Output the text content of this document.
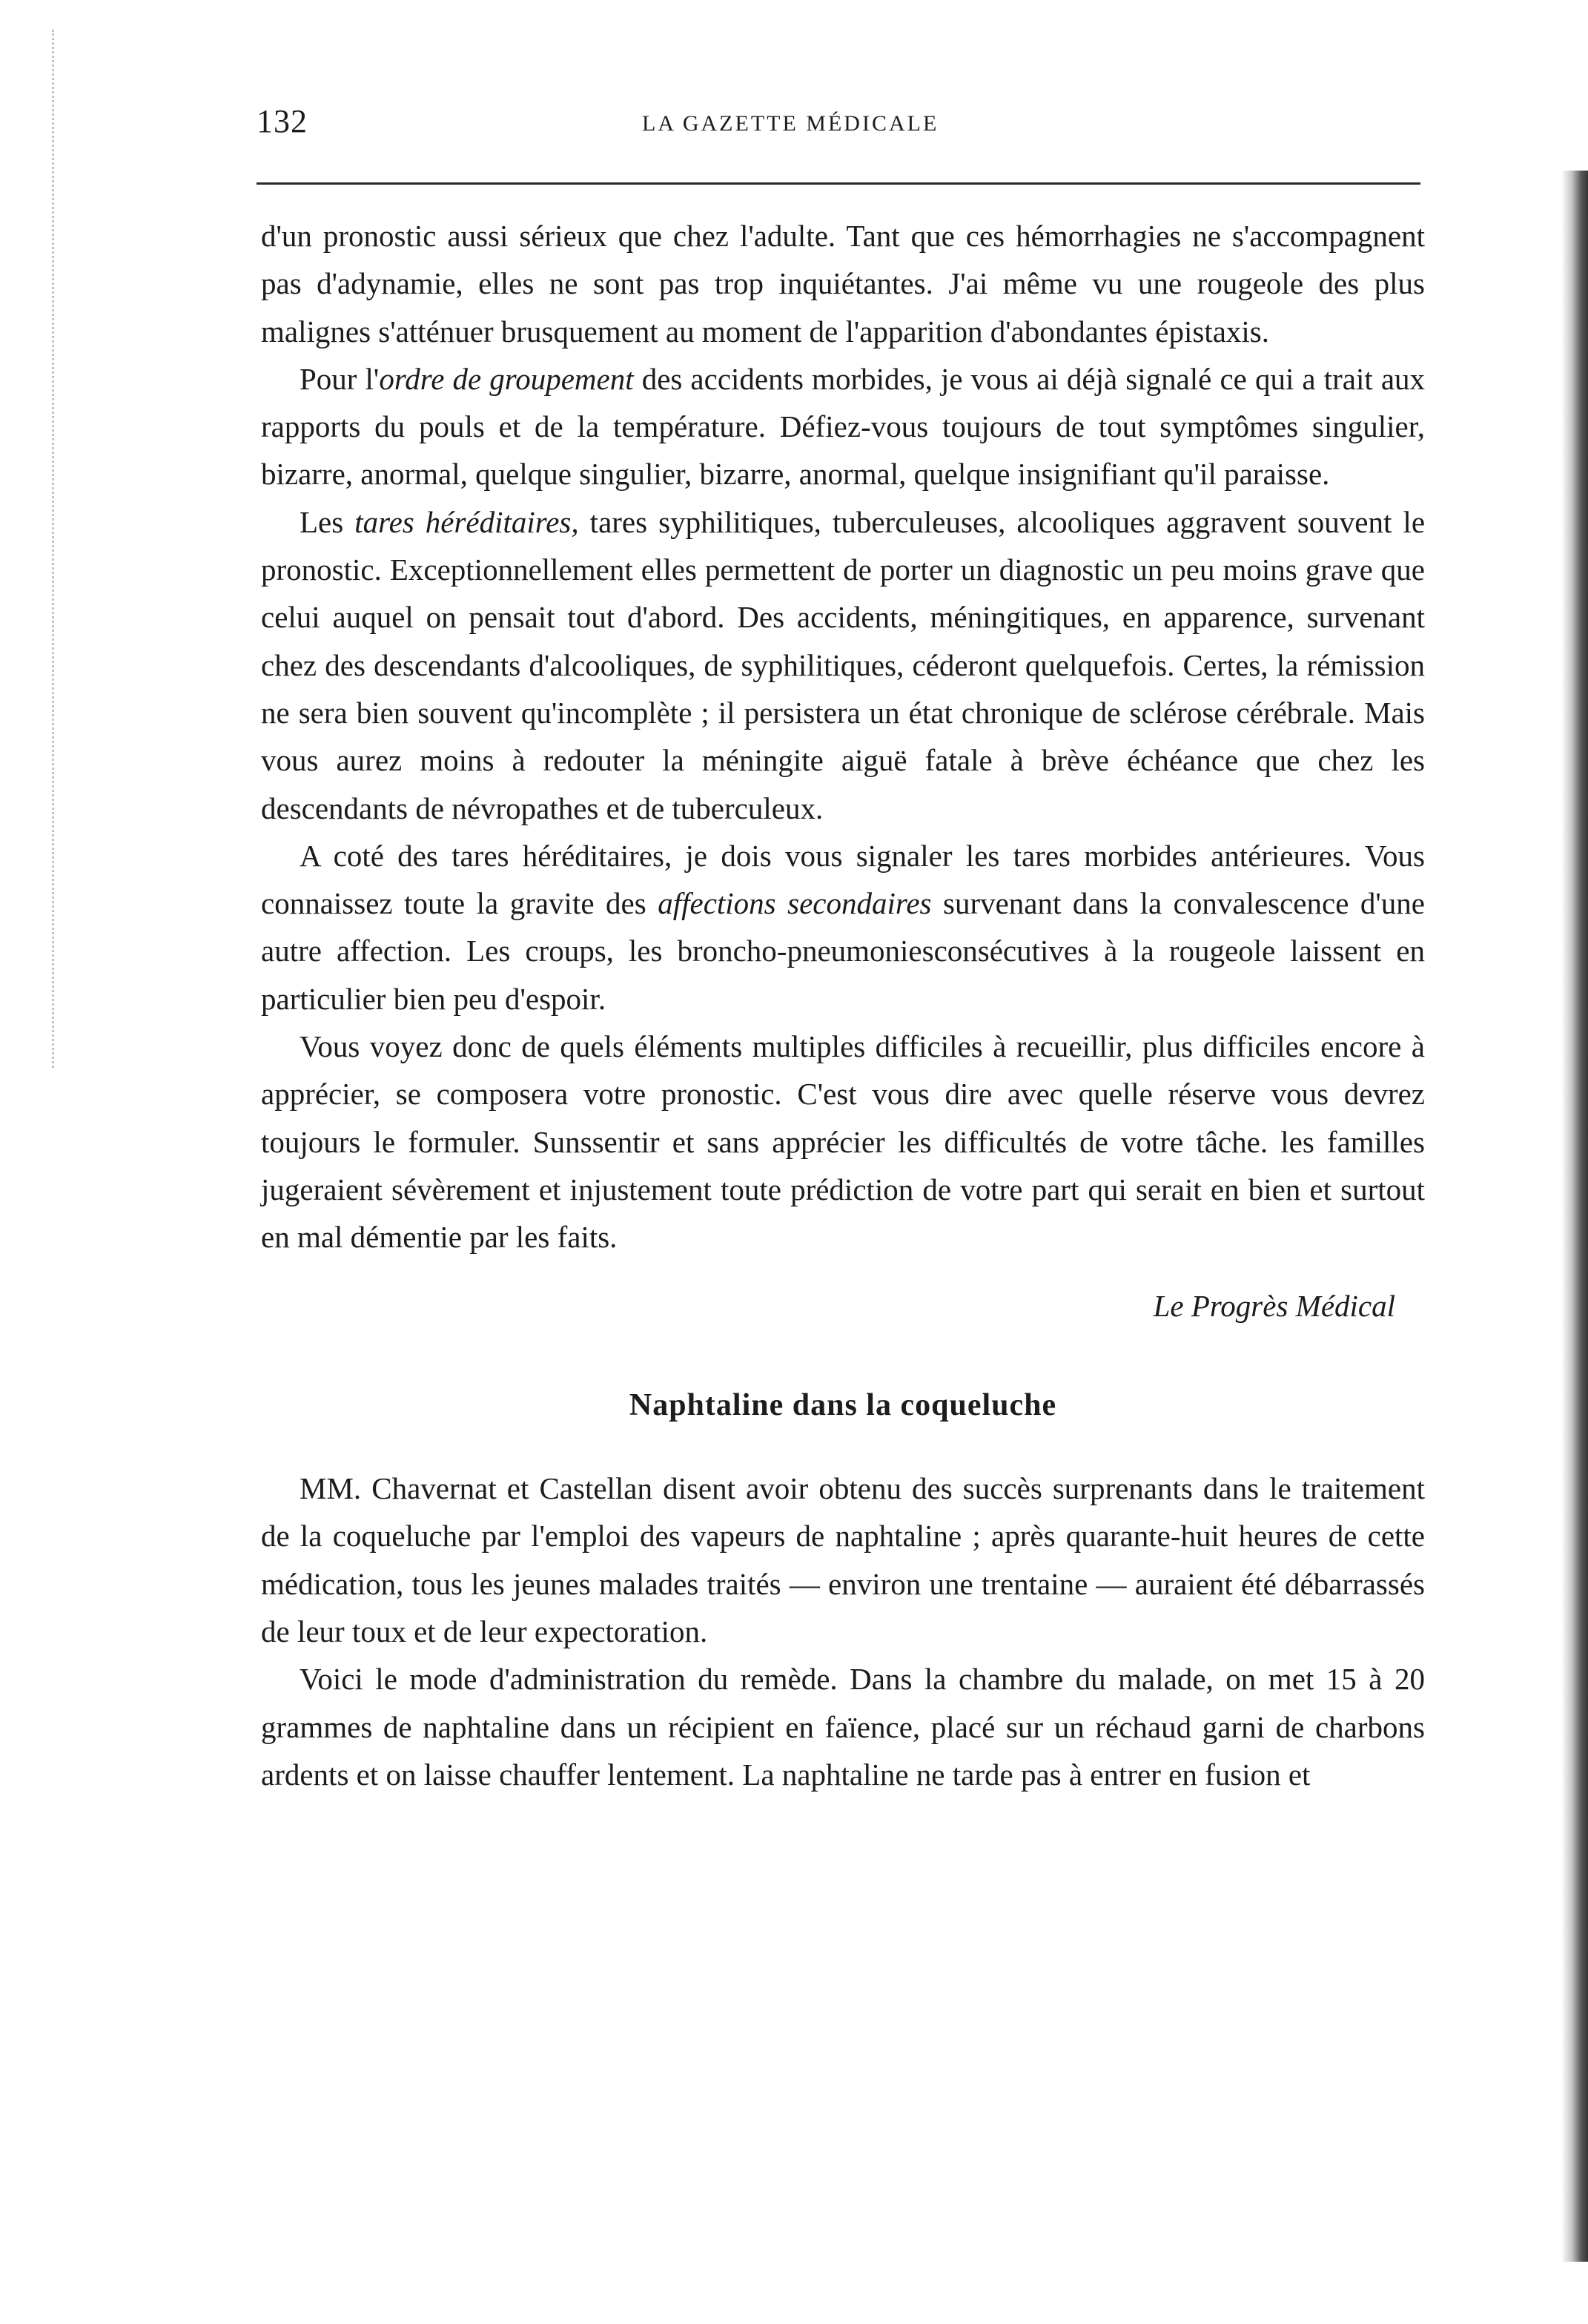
132	LA GAZETTE MÉDICALE

d'un pronostic aussi sérieux que chez l'adulte. Tant que ces hémorrhagies ne s'accompagnent pas d'adynamie, elles ne sont pas trop inquiétantes. J'ai même vu une rougeole des plus malignes s'atténuer brusquement au moment de l'apparition d'abondantes épistaxis.

Pour l'ordre de groupement des accidents morbides, je vous ai déjà signalé ce qui a trait aux rapports du pouls et de la température. Défiez-vous toujours de tout symptômes singulier, bizarre, anormal, quelque singulier, bizarre, anormal, quelque insignifiant qu'il paraisse.

Les tares héréditaires, tares syphilitiques, tuberculeuses, alcooliques aggravent souvent le pronostic. Exceptionnellement elles permettent de porter un diagnostic un peu moins grave que celui auquel on pensait tout d'abord. Des accidents, méningitiques, en apparence, survenant chez des descendants d'alcooliques, de syphilitiques, céderont quelquefois. Certes, la rémission ne sera bien souvent qu'incomplète ; il persistera un état chronique de sclérose cérébrale. Mais vous aurez moins à redouter la méningite aiguë fatale à brève échéance que chez les descendants de névropathes et de tuberculeux.

A coté des tares héréditaires, je dois vous signaler les tares morbides antérieures. Vous connaissez toute la gravite des affections secondaires survenant dans la convalescence d'une autre affection. Les croups, les broncho-pneumoniesconsécutives à la rougeole laissent en particulier bien peu d'espoir.

Vous voyez donc de quels éléments multiples difficiles à recueillir, plus difficiles encore à apprécier, se composera votre pronostic. C'est vous dire avec quelle réserve vous devrez toujours le formuler. Sunssentir et sans apprécier les difficultés de votre tâche. les familles jugeraient sévèrement et injustement toute prédiction de votre part qui serait en bien et surtout en mal démentie par les faits.

Le Progrès Médical

Naphtaline dans la coqueluche

MM. Chavernat et Castellan disent avoir obtenu des succès surprenants dans le traitement de la coqueluche par l'emploi des vapeurs de naphtaline ; après quarante-huit heures de cette médication, tous les jeunes malades traités — environ une trentaine — auraient été débarrassés de leur toux et de leur expectoration.

Voici le mode d'administration du remède. Dans la chambre du malade, on met 15 à 20 grammes de naphtaline dans un récipient en faïence, placé sur un réchaud garni de charbons ardents et on laisse chauffer lentement. La naphtaline ne tarde pas à entrer en fusion et
